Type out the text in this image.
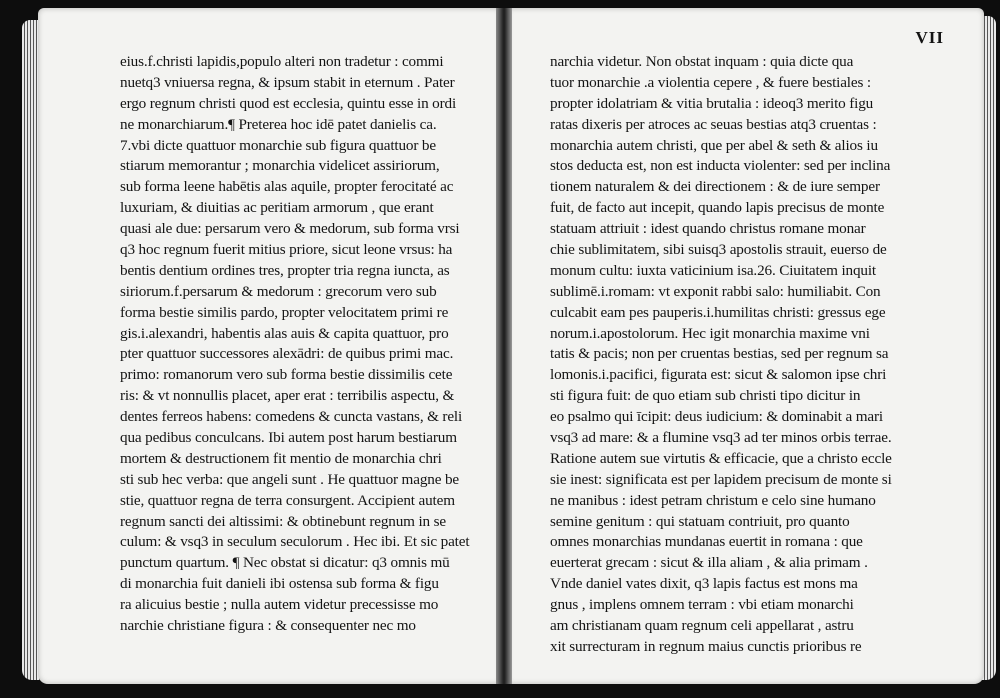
eius.f.christi lapidis,populo alteri non tradetur : commi
nuetq3 vniuersa regna, & ipsum stabit in eternum . Pater
ergo regnum christi quod est ecclesia, quintu esse in ordi
ne monarchiarum.¶ Preterea hoc idē patet danielis ca.
7.vbi dicte quattuor monarchie sub figura quattuor be
stiarum memorantur ; monarchia videlicet assiriorum,
sub forma leene habētis alas aquile, propter ferocitaté ac
luxuriam, & diuitias ac peritiam armorum , que erant
quasi ale due: persarum vero & medorum, sub forma vrsi
q3 hoc regnum fuerit mitius priore, sicut leone vrsus: ha
bentis dentium ordines tres, propter tria regna iuncta, as
siriorum.f.persarum & medorum : grecorum vero sub
forma bestie similis pardo, propter velocitatem primi re
gis.i.alexandri, habentis alas auis & capita quattuor, pro
pter quattuor successores alexādri: de quibus primi mac.
primo: romanorum vero sub forma bestie dissimilis cete
ris: & vt nonnullis placet, aper erat : terribilis aspectu, &
dentes ferreos habens: comedens & cuncta vastans, & reli
qua pedibus conculcans. Ibi autem post harum bestiarum
mortem & destructionem fit mentio de monarchia chri
sti sub hec verba: que angeli sunt . He quattuor magne be
stie, quattuor regna de terra consurgent. Accipient autem
regnum sancti dei altissimi: & obtinebunt regnum in se
culum: & vsq3 in seculum seculorum . Hec ibi. Et sic patet
punctum quartum. ¶ Nec obstat si dicatur: q3 omnis mū
di monarchia fuit danieli ibi ostensa sub forma & figu
ra alicuius bestie ; nulla autem videtur precessisse mo
narchie christiane figura : & consequenter nec mo
VII
narchia videtur. Non obstat inquam : quia dicte qua
tuor monarchie .a violentia cepere , & fuere bestiales :
propter idolatriam & vitia brutalia : ideoq3 merito figu
ratas dixeris per atroces ac seuas bestias atq3 cruentas :
monarchia autem christi, que per abel & seth & alios iu
stos deducta est, non est inducta violenter: sed per inclina
tionem naturalem & dei directionem : & de iure semper
fuit, de facto aut incepit, quando lapis precisus de monte
statuam attriuit : idest quando christus romane monar
chie sublimitatem, sibi suisq3 apostolis strauit, euerso de
monum cultu: iuxta vaticinium isa.26. Ciuitatem inquit
sublimē.i.romam: vt exponit rabbi salo: humiliabit. Con
culcabit eam pes pauperis.i.humilitas christi: gressus ege
norum.i.apostolorum. Hec igit monarchia maxime vni
tatis & pacis; non per cruentas bestias, sed per regnum sa
lomonis.i.pacifici, figurata est: sicut & salomon ipse chri
sti figura fuit: de quo etiam sub christi tipo dicitur in
eo psalmo qui īcipit: deus iudicium: & dominabit a mari
vsq3 ad mare: & a flumine vsq3 ad ter minos orbis terrae.
Ratione autem sue virtutis & efficacie, que a christo eccle
sie inest: significata est per lapidem precisum de monte si
ne manibus : idest petram christum e celo sine humano
semine genitum : qui statuam contriuit, pro quanto
omnes monarchias mundanas euertit in romana : que
euerterat grecam : sicut & illa aliam , & alia primam .
Vnde daniel vates dixit, q3 lapis factus est mons ma
gnus , implens omnem terram : vbi etiam monarchi
am christianam quam regnum celi appellarat , astru
xit surrecturam in regnum maius cunctis prioribus re
